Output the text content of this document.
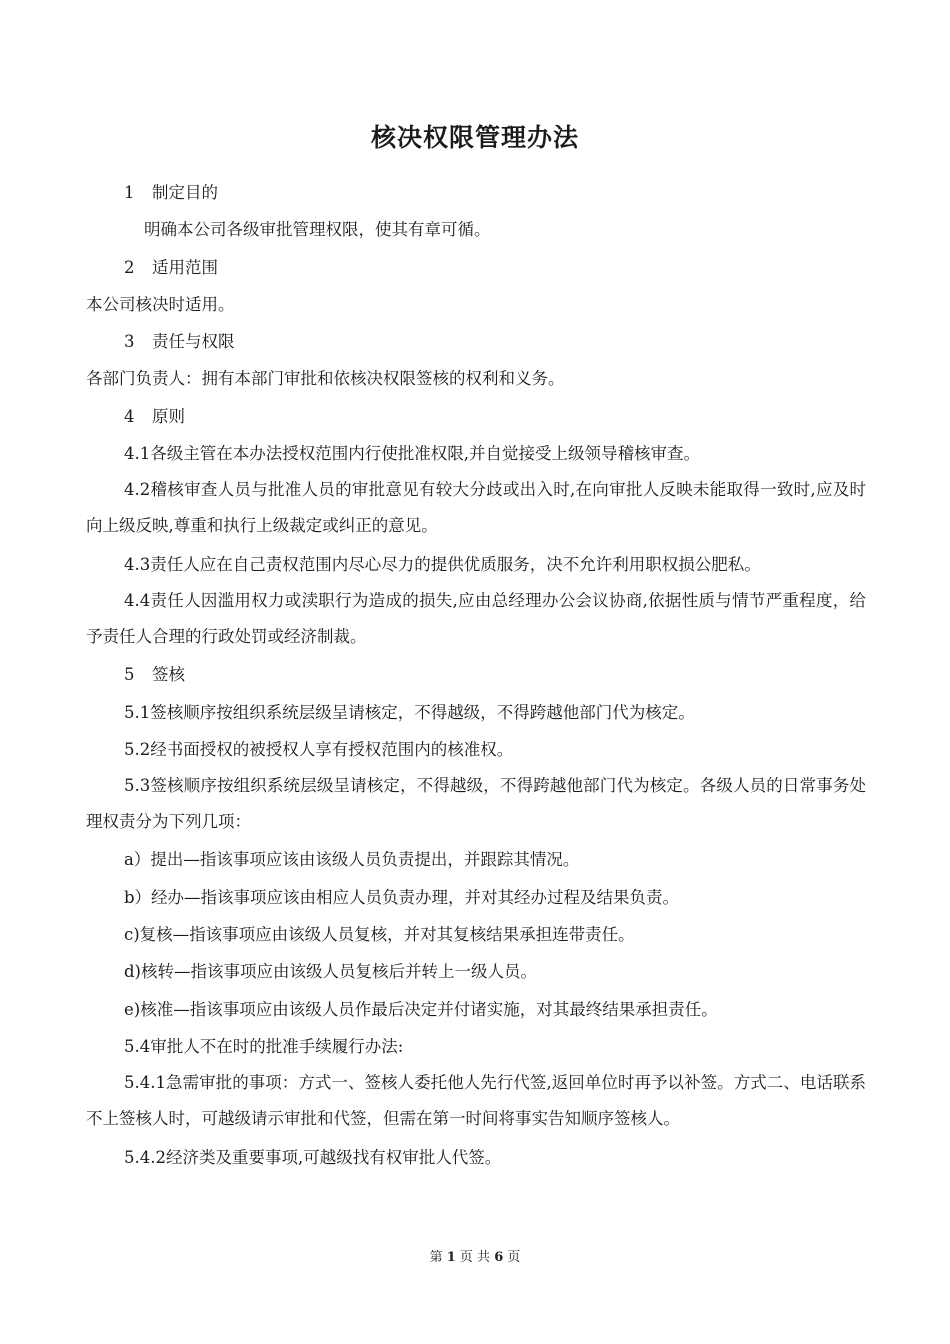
核决权限管理办法

1 制定目的

明确本公司各级审批管理权限，使其有章可循。

2 适用范围

本公司核决时适用。

3 责任与权限

各部门负责人：拥有本部门审批和依核决权限签核的权利和义务。

4 原则

4.1各级主管在本办法授权范围内行使批准权限,并自觉接受上级领导稽核审查。

4.2稽核审查人员与批准人员的审批意见有较大分歧或出入时,在向审批人反映未能取得一致时,应及时向上级反映,尊重和执行上级裁定或纠正的意见。

4.3责任人应在自己责权范围内尽心尽力的提供优质服务，决不允许利用职权损公肥私。

4.4责任人因滥用权力或渎职行为造成的损失,应由总经理办公会议协商,依据性质与情节严重程度，给予责任人合理的行政处罚或经济制裁。

5 签核

5.1签核顺序按组织系统层级呈请核定，不得越级，不得跨越他部门代为核定。

5.2经书面授权的被授权人享有授权范围内的核准权。

5.3签核顺序按组织系统层级呈请核定，不得越级，不得跨越他部门代为核定。各级人员的日常事务处理权责分为下列几项：

a）提出—指该事项应该由该级人员负责提出，并跟踪其情况。

b）经办—指该事项应该由相应人员负责办理，并对其经办过程及结果负责。

c)复核—指该事项应由该级人员复核，并对其复核结果承担连带责任。

d)核转—指该事项应由该级人员复核后并转上一级人员。

e)核准—指该事项应由该级人员作最后决定并付诸实施，对其最终结果承担责任。

5.4审批人不在时的批准手续履行办法:

5.4.1急需审批的事项：方式一、签核人委托他人先行代签,返回单位时再予以补签。方式二、电话联系不上签核人时，可越级请示审批和代签，但需在第一时间将事实告知顺序签核人。

5.4.2经济类及重要事项,可越级找有权审批人代签。

第 1 页 共 6 页
